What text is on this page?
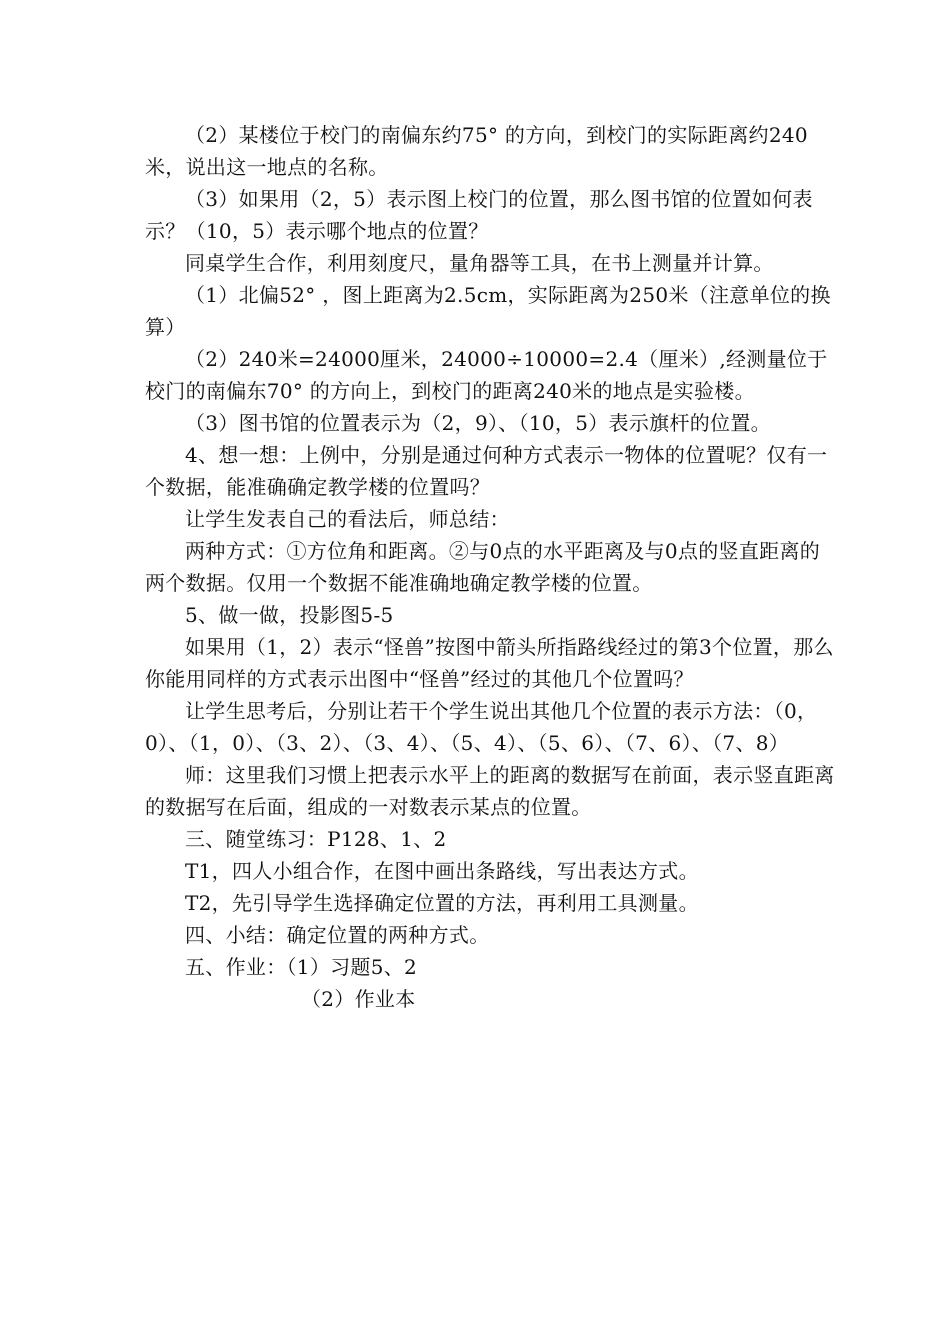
（2）某楼位于校门的南偏东约75° 的方向，到校门的实际距离约240米，说出这一地点的名称。

（3）如果用（2，5）表示图上校门的位置，那么图书馆的位置如何表示？（10，5）表示哪个地点的位置？

同桌学生合作，利用刻度尺，量角器等工具，在书上测量并计算。

（1）北偏52° ，图上距离为2.5cm，实际距离为250米（注意单位的换算）

（2）240米=24000厘米，24000÷10000=2.4（厘米）,经测量位于校门的南偏东70° 的方向上，到校门的距离240米的地点是实验楼。

（3）图书馆的位置表示为（2，9）、（10，5）表示旗杆的位置。

4、想一想：上例中，分别是通过何种方式表示一物体的位置呢？仅有一个数据，能准确确定教学楼的位置吗？

让学生发表自己的看法后，师总结：

两种方式：①方位角和距离。②与0点的水平距离及与0点的竖直距离的两个数据。仅用一个数据不能准确地确定教学楼的位置。

5、做一做，投影图5-5

如果用（1，2）表示“怪兽”按图中箭头所指路线经过的第3个位置，那么你能用同样的方式表示出图中“怪兽”经过的其他几个位置吗？

让学生思考后，分别让若干个学生说出其他几个位置的表示方法：（0，0）、（1，0）、（3、2）、（3、4）、（5、4）、（5、6）、（7、6）、（7、8）

师：这里我们习惯上把表示水平上的距离的数据写在前面，表示竖直距离的数据写在后面，组成的一对数表示某点的位置。

三、随堂练习：P128、1、2

T1，四人小组合作，在图中画出条路线，写出表达方式。

T2，先引导学生选择确定位置的方法，再利用工具测量。

四、小结：确定位置的两种方式。

五、作业：（1）习题5、2

（2）作业本
